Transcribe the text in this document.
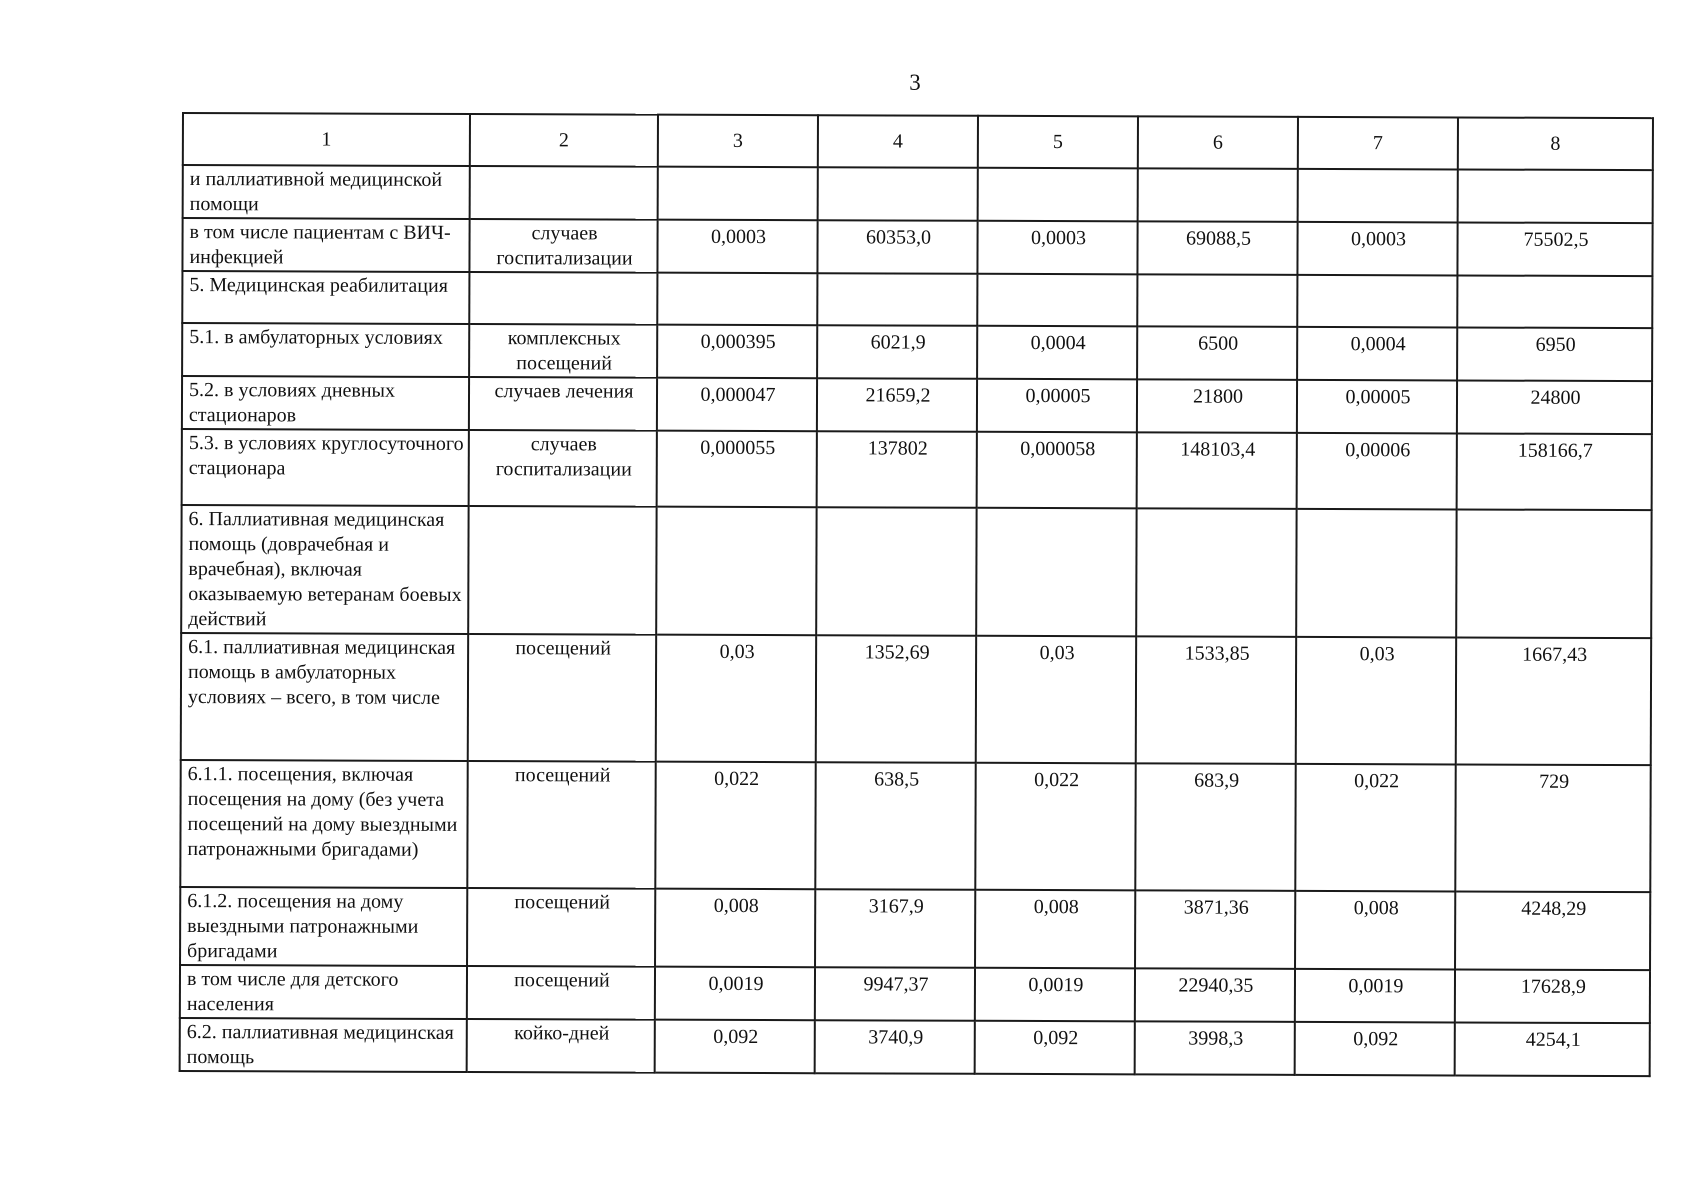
3
1	2	3	4	5	6	7	8
и паллиативной медицинской помощи							
в том числе пациентам с ВИЧ-инфекцией	случаев госпитализации	0,0003	60353,0	0,0003	69088,5	0,0003	75502,5
5. Медицинская реабилитация							
5.1. в амбулаторных условиях	комплексных посещений	0,000395	6021,9	0,0004	6500	0,0004	6950
5.2. в условиях дневных стационаров	случаев лечения	0,000047	21659,2	0,00005	21800	0,00005	24800
5.3. в условиях круглосуточного стационара	случаев госпитализации	0,000055	137802	0,000058	148103,4	0,00006	158166,7
6. Паллиативная медицинская помощь (доврачебная и врачебная), включая оказываемую ветеранам боевых действий							
6.1. паллиативная медицинская помощь в амбулаторных условиях – всего, в том числе	посещений	0,03	1352,69	0,03	1533,85	0,03	1667,43
6.1.1. посещения, включая посещения на дому (без учета посещений на дому выездными патронажными бригадами)	посещений	0,022	638,5	0,022	683,9	0,022	729
6.1.2. посещения на дому выездными патронажными бригадами	посещений	0,008	3167,9	0,008	3871,36	0,008	4248,29
в том числе для детского населения	посещений	0,0019	9947,37	0,0019	22940,35	0,0019	17628,9
6.2. паллиативная медицинская помощь	койко-дней	0,092	3740,9	0,092	3998,3	0,092	4254,1
